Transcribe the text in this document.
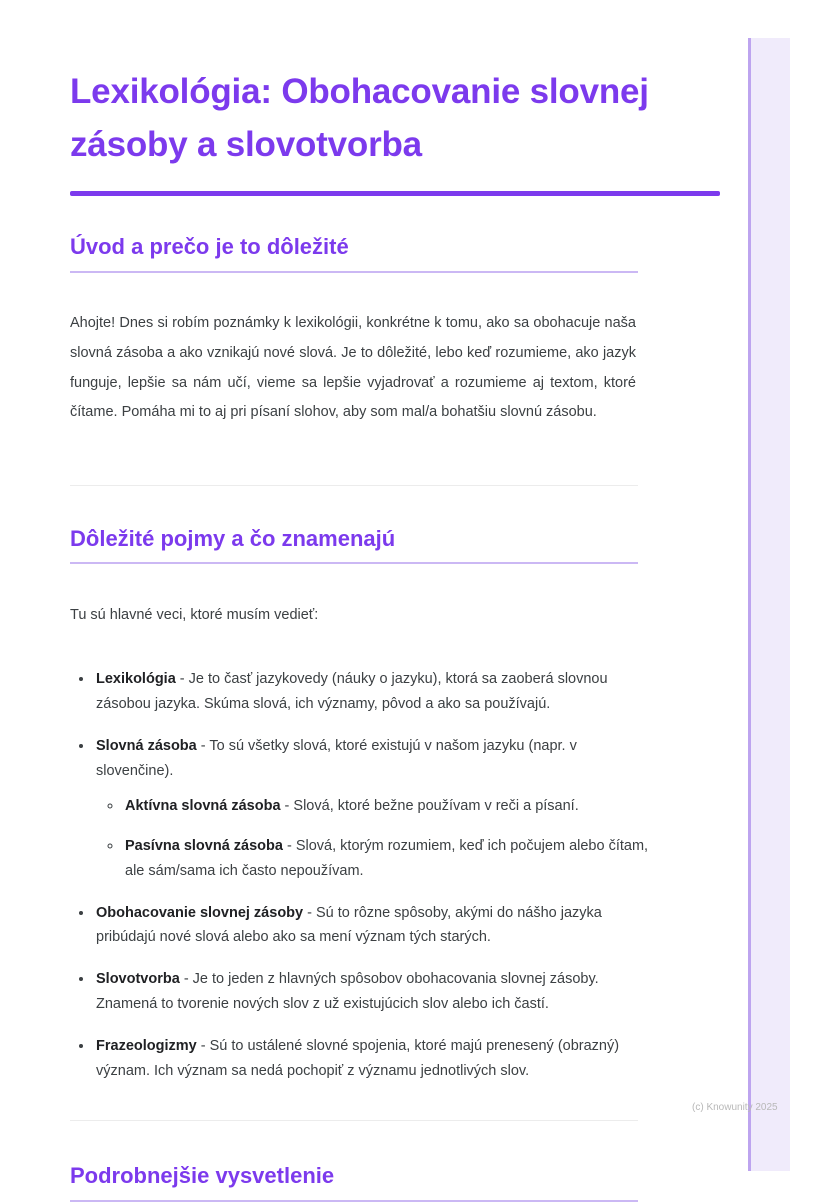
Lexikológia: Obohacovanie slovnej zásoby a slovotvorba
Úvod a prečo je to dôležité

Ahojte! Dnes si robím poznámky k lexikológii, konkrétne k tomu, ako sa obohacuje naša slovná zásoba a ako vznikajú nové slová. Je to dôležité, lebo keď rozumieme, ako jazyk funguje, lepšie sa nám učí, vieme sa lepšie vyjadrovať a rozumieme aj textom, ktoré čítame. Pomáha mi to aj pri písaní slohov, aby som mal/a bohatšiu slovnú zásobu.

Dôležité pojmy a čo znamenajú

Tu sú hlavné veci, ktoré musím vedieť:

• Lexikológia - Je to časť jazykovedy (náuky o jazyku), ktorá sa zaoberá slovnou zásobou jazyka. Skúma slová, ich významy, pôvod a ako sa používajú.
• Slovná zásoba - To sú všetky slová, ktoré existujú v našom jazyku (napr. v slovenčine).
◦ Aktívna slovná zásoba - Slová, ktoré bežne používam v reči a písaní.
◦ Pasívna slovná zásoba - Slová, ktorým rozumiem, keď ich počujem alebo čítam, ale sám/sama ich často nepoužívam.
• Obohacovanie slovnej zásoby - Sú to rôzne spôsoby, akými do nášho jazyka pribúdajú nové slová alebo ako sa mení význam tých starých.
• Slovotvorba - Je to jeden z hlavných spôsobov obohacovania slovnej zásoby. Znamená to tvorenie nových slov z už existujúcich slov alebo ich častí.
• Frazeologizmy - Sú to ustálené slovné spojenia, ktoré majú prenesený (obrazný) význam. Ich význam sa nedá pochopiť z významu jednotlivých slov.
Podrobnejšie vysvetlenie
(c) Knowunity 2025
